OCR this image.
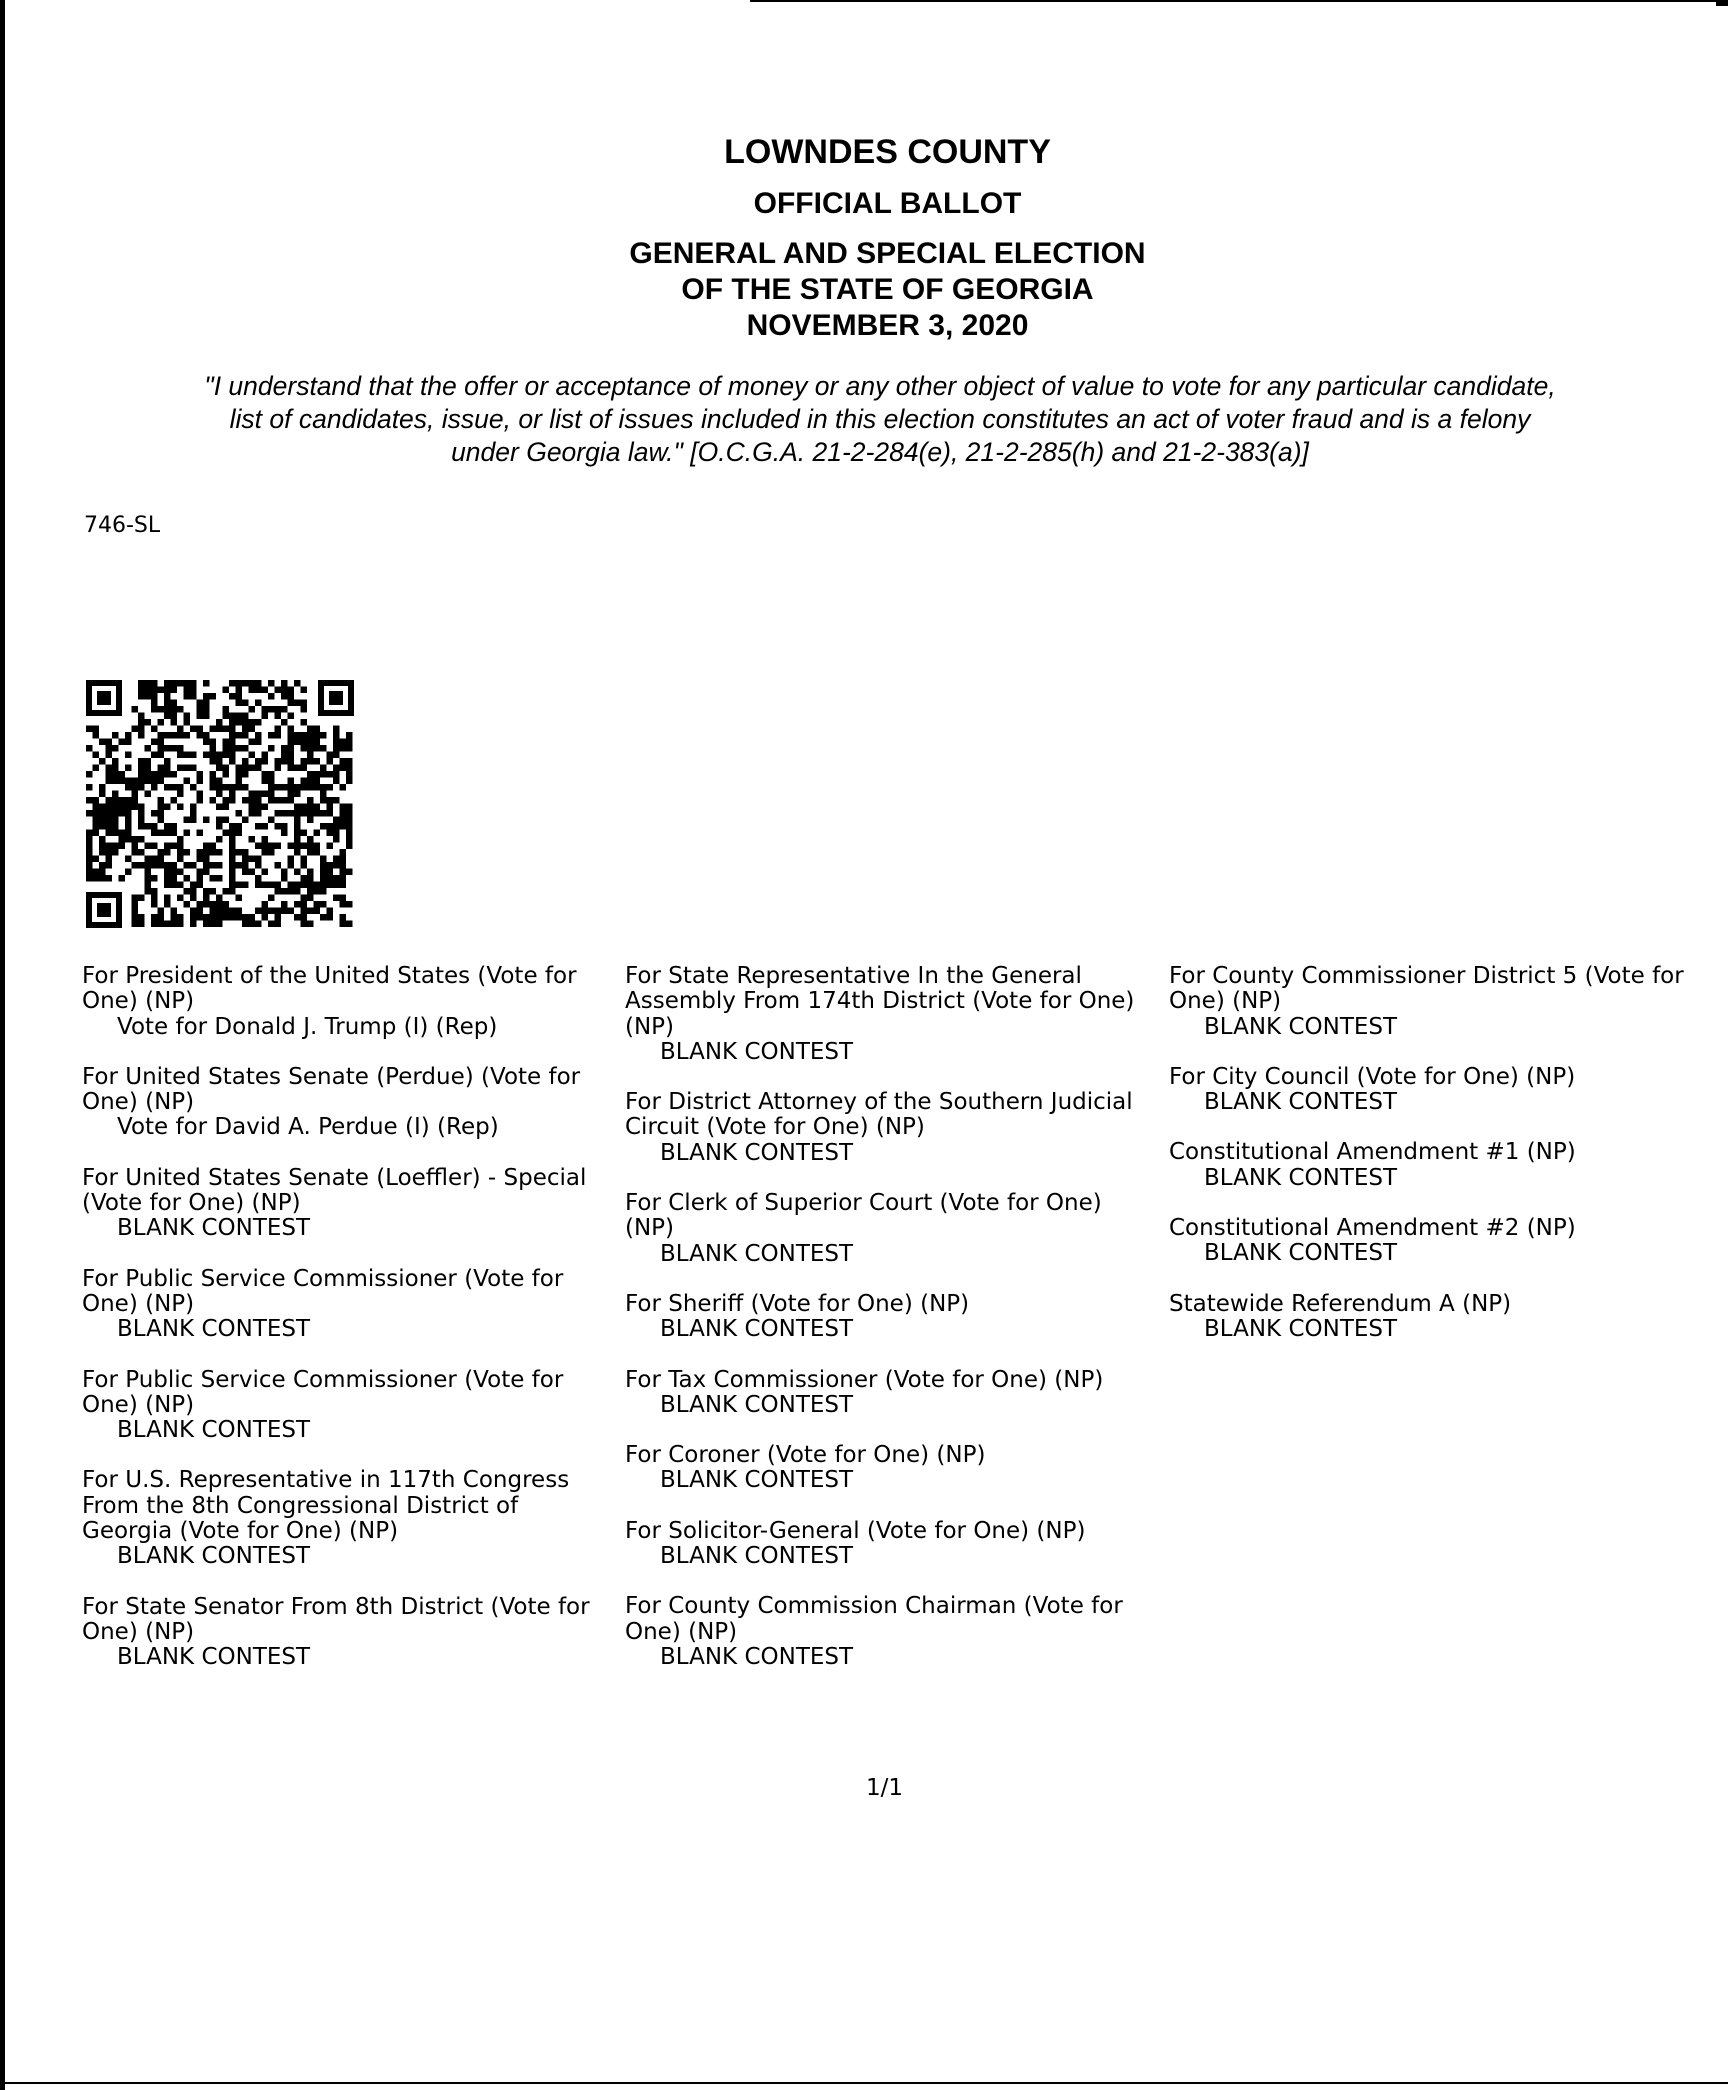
LOWNDES COUNTY
OFFICIAL BALLOT
GENERAL AND SPECIAL ELECTION
OF THE STATE OF GEORGIA
NOVEMBER 3, 2020
"I understand that the offer or acceptance of money or any other object of value to vote for any particular candidate,
list of candidates, issue, or list of issues included in this election constitutes an act of voter fraud and is a felony
under Georgia law." [O.C.G.A. 21-2-284(e), 21-2-285(h) and 21-2-383(a)]
746-SL
For President of the United States (Vote for One) (NP)
Vote for Donald J. Trump (I) (Rep)
For United States Senate (Perdue) (Vote for One) (NP)
Vote for David A. Perdue (I) (Rep)
For United States Senate (Loeffler) - Special (Vote for One) (NP)
BLANK CONTEST
For Public Service Commissioner (Vote for One) (NP)
BLANK CONTEST
For Public Service Commissioner (Vote for One) (NP)
BLANK CONTEST
For U.S. Representative in 117th Congress From the 8th Congressional District of Georgia (Vote for One) (NP)
BLANK CONTEST
For State Senator From 8th District (Vote for One) (NP)
BLANK CONTEST
For State Representative In the General Assembly From 174th District (Vote for One) (NP)
BLANK CONTEST
For District Attorney of the Southern Judicial Circuit (Vote for One) (NP)
BLANK CONTEST
For Clerk of Superior Court (Vote for One) (NP)
BLANK CONTEST
For Sheriff (Vote for One) (NP)
BLANK CONTEST
For Tax Commissioner (Vote for One) (NP)
BLANK CONTEST
For Coroner (Vote for One) (NP)
BLANK CONTEST
For Solicitor-General (Vote for One) (NP)
BLANK CONTEST
For County Commission Chairman (Vote for One) (NP)
BLANK CONTEST
For County Commissioner District 5 (Vote for One) (NP)
BLANK CONTEST
For City Council (Vote for One) (NP)
BLANK CONTEST
Constitutional Amendment #1 (NP)
BLANK CONTEST
Constitutional Amendment #2 (NP)
BLANK CONTEST
Statewide Referendum A (NP)
BLANK CONTEST
1/1
